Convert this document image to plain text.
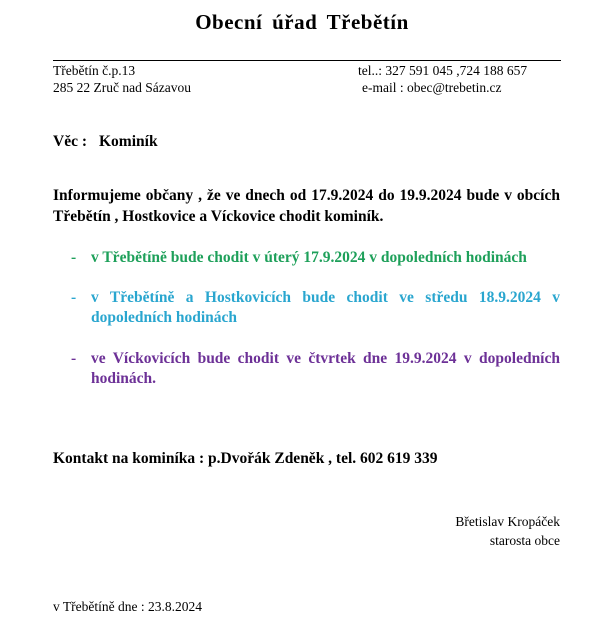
Obecní úřad Třebětín
Třebětín č.p.13
285 22 Zruč nad Sázavou
tel..: 327 591 045 ,724 188 657
e-mail : obec@trebetin.cz
Věc : Kominík
Informujeme občany , že ve dnech od 17.9.2024 do 19.9.2024 bude v obcích Třebětín , Hostkovice a Víckovice chodit kominík.
- v Třebětíně bude chodit v úterý 17.9.2024 v dopoledních hodinách
- v Třebětíně a Hostkovicích bude chodit ve středu 18.9.2024 v dopoledních hodinách
- ve Víckovicích bude chodit ve čtvrtek dne 19.9.2024 v dopoledních hodinách.
Kontakt na kominíka : p.Dvořák Zdeněk , tel. 602 619 339
Břetislav Kropáček
starosta obce
v Třebětíně dne : 23.8.2024
